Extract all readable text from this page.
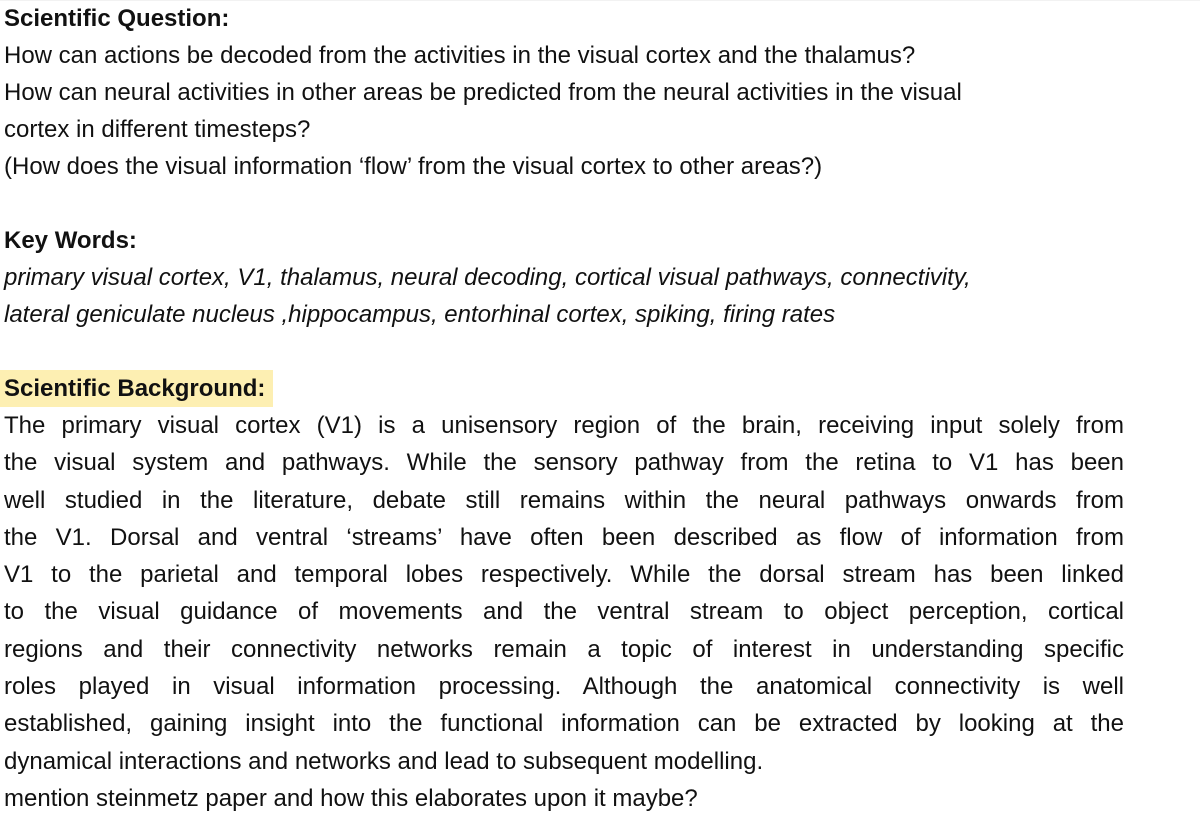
Scientific Question:
How can actions be decoded from the activities in the visual cortex and the thalamus?
How can neural activities in other areas be predicted from the neural activities in the visual
cortex in different timesteps?
(How does the visual information ‘flow’ from the visual cortex to other areas?)
Key Words:
primary visual cortex, V1, thalamus, neural decoding, cortical visual pathways, connectivity,
lateral geniculate nucleus ,hippocampus, entorhinal cortex, spiking, firing rates
Scientific Background:
The primary visual cortex (V1) is a unisensory region of the brain, receiving input solely from
the visual system and pathways. While the sensory pathway from the retina to V1 has been
well studied in the literature, debate still remains within the neural pathways onwards from
the V1. Dorsal and ventral ‘streams’ have often been described as flow of information from
V1 to the parietal and temporal lobes respectively. While the dorsal stream has been linked
to the visual guidance of movements and the ventral stream to object perception, cortical
regions and their connectivity networks remain a topic of interest in understanding specific
roles played in visual information processing. Although the anatomical connectivity is well
established, gaining insight into the functional information can be extracted by looking at the
dynamical interactions and networks and lead to subsequent modelling.
mention steinmetz paper and how this elaborates upon it maybe?
